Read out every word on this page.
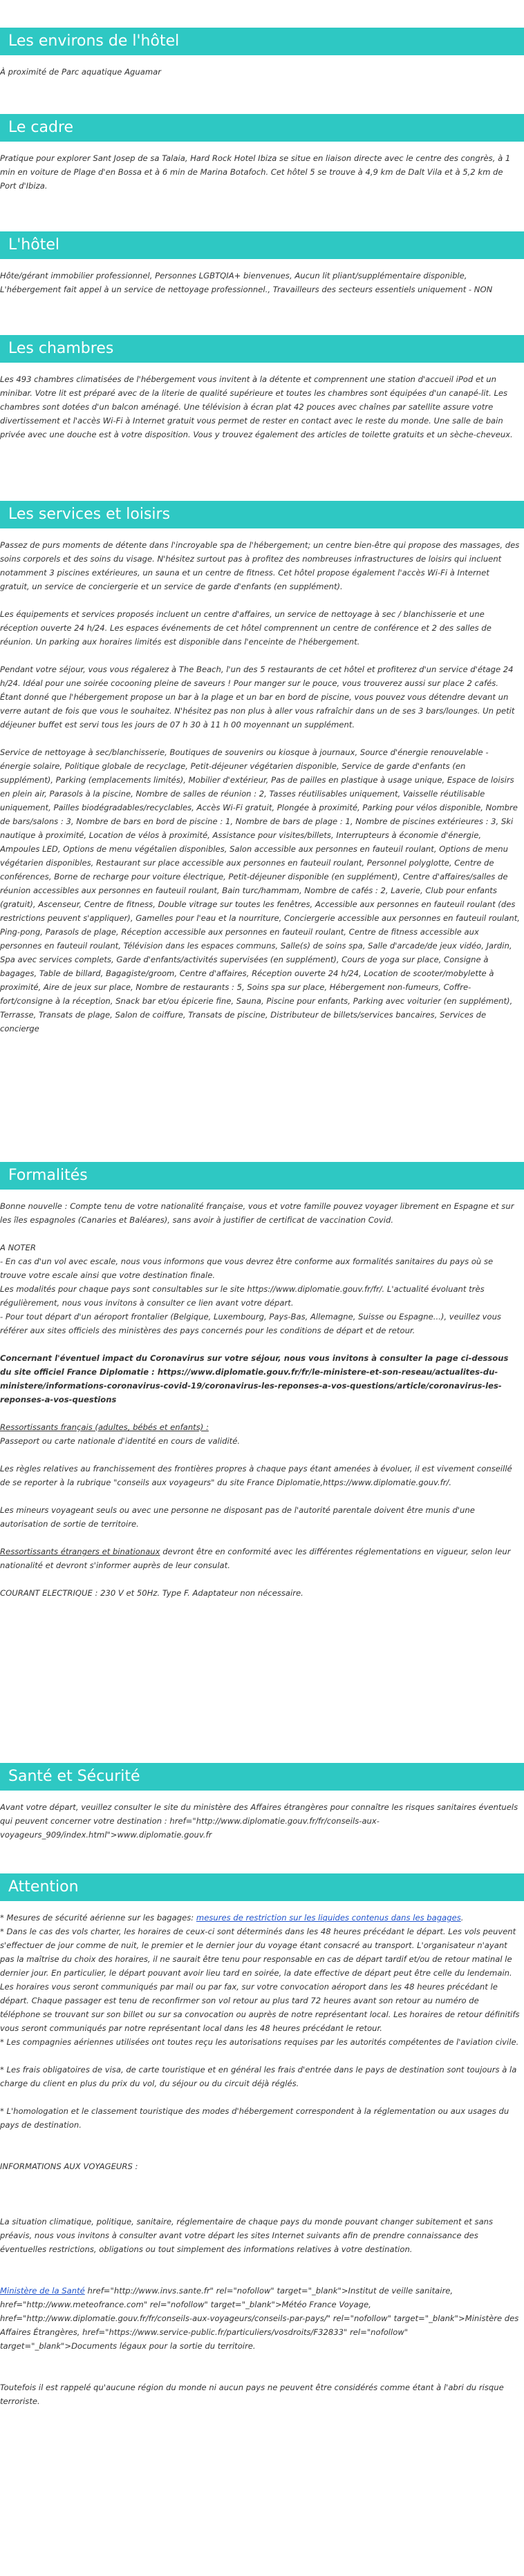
Les environs de l'hôtel

À proximité de Parc aquatique Aguamar

Le cadre

Pratique pour explorer Sant Josep de sa Talaia, Hard Rock Hotel Ibiza se situe en liaison directe avec le centre des congrès, à 1 min en voiture de Plage d'en Bossa et à 6 min de Marina Botafoch. Cet hôtel 5 se trouve à 4,9 km de Dalt Vila et à 5,2 km de Port d'Ibiza.

L'hôtel

Hôte/gérant immobilier professionnel, Personnes LGBTQIA+ bienvenues, Aucun lit pliant/supplémentaire disponible, L'hébergement fait appel à un service de nettoyage professionnel., Travailleurs des secteurs essentiels uniquement - NON

Les chambres

Les 493 chambres climatisées de l'hébergement vous invitent à la détente et comprennent une station d'accueil iPod et un minibar. Votre lit est préparé avec de la literie de qualité supérieure et toutes les chambres sont équipées d'un canapé-lit. Les chambres sont dotées d'un balcon aménagé. Une télévision à écran plat 42 pouces avec chaînes par satellite assure votre divertissement et l'accès Wi-Fi à Internet gratuit vous permet de rester en contact avec le reste du monde. Une salle de bain privée avec une douche est à votre disposition. Vous y trouvez également des articles de toilette gratuits et un sèche-cheveux.

Les services et loisirs

Passez de purs moments de détente dans l'incroyable spa de l'hébergement; un centre bien-être qui propose des massages, des soins corporels et des soins du visage. N'hésitez surtout pas à profitez des nombreuses infrastructures de loisirs qui incluent notamment 3 piscines extérieures, un sauna et un centre de fitness. Cet hôtel propose également l'accès Wi-Fi à Internet gratuit, un service de conciergerie et un service de garde d'enfants (en supplément).

Les équipements et services proposés incluent un centre d'affaires, un service de nettoyage à sec / blanchisserie et une réception ouverte 24 h/24. Les espaces événements de cet hôtel comprennent un centre de conférence et 2 des salles de réunion. Un parking aux horaires limités est disponible dans l'enceinte de l'hébergement.

Pendant votre séjour, vous vous régalerez à The Beach, l'un des 5 restaurants de cet hôtel et profiterez d'un service d'étage 24 h/24. Idéal pour une soirée cocooning pleine de saveurs ! Pour manger sur le pouce, vous trouverez aussi sur place 2 cafés. Étant donné que l'hébergement propose un bar à la plage et un bar en bord de piscine, vous pouvez vous détendre devant un verre autant de fois que vous le souhaitez. N'hésitez pas non plus à aller vous rafraîchir dans un de ses 3 bars/lounges. Un petit déjeuner buffet est servi tous les jours de 07 h 30 à 11 h 00 moyennant un supplément.

Service de nettoyage à sec/blanchisserie, Boutiques de souvenirs ou kiosque à journaux, Source d'énergie renouvelable - énergie solaire, Politique globale de recyclage, Petit-déjeuner végétarien disponible, Service de garde d'enfants (en supplément), Parking (emplacements limités), Mobilier d'extérieur, Pas de pailles en plastique à usage unique, Espace de loisirs en plein air, Parasols à la piscine, Nombre de salles de réunion : 2, Tasses réutilisables uniquement, Vaisselle réutilisable uniquement, Pailles biodégradables/recyclables, Accès Wi-Fi gratuit, Plongée à proximité, Parking pour vélos disponible, Nombre de bars/salons : 3, Nombre de bars en bord de piscine : 1, Nombre de bars de plage : 1, Nombre de piscines extérieures : 3, Ski nautique à proximité, Location de vélos à proximité, Assistance pour visites/billets, Interrupteurs à économie d'énergie, Ampoules LED, Options de menu végétalien disponibles, Salon accessible aux personnes en fauteuil roulant, Options de menu végétarien disponibles, Restaurant sur place accessible aux personnes en fauteuil roulant, Personnel polyglotte, Centre de conférences, Borne de recharge pour voiture électrique, Petit-déjeuner disponible (en supplément), Centre d'affaires/salles de réunion accessibles aux personnes en fauteuil roulant, Bain turc/hammam, Nombre de cafés : 2, Laverie, Club pour enfants (gratuit), Ascenseur, Centre de fitness, Double vitrage sur toutes les fenêtres, Accessible aux personnes en fauteuil roulant (des restrictions peuvent s'appliquer), Gamelles pour l'eau et la nourriture, Conciergerie accessible aux personnes en fauteuil roulant, Ping-pong, Parasols de plage, Réception accessible aux personnes en fauteuil roulant, Centre de fitness accessible aux personnes en fauteuil roulant, Télévision dans les espaces communs, Salle(s) de soins spa, Salle d'arcade/de jeux vidéo, Jardin, Spa avec services complets, Garde d'enfants/activités supervisées (en supplément), Cours de yoga sur place, Consigne à bagages, Table de billard, Bagagiste/groom, Centre d'affaires, Réception ouverte 24 h/24, Location de scooter/mobylette à proximité, Aire de jeux sur place, Nombre de restaurants : 5, Soins spa sur place, Hébergement non-fumeurs, Coffre-fort/consigne à la réception, Snack bar et/ou épicerie fine, Sauna, Piscine pour enfants, Parking avec voiturier (en supplément), Terrasse, Transats de plage, Salon de coiffure, Transats de piscine, Distributeur de billets/services bancaires, Services de concierge

Formalités

Bonne nouvelle : Compte tenu de votre nationalité française, vous et votre famille pouvez voyager librement en Espagne et sur les îles espagnoles (Canaries et Baléares), sans avoir à justifier de certificat de vaccination Covid.

A NOTER

- En cas d'un vol avec escale, nous vous informons que vous devrez être conforme aux formalités sanitaires du pays où se trouve votre escale ainsi que votre destination finale.

Les modalités pour chaque pays sont consultables sur le site https://www.diplomatie.gouv.fr/fr/. L'actualité évoluant très régulièrement, nous vous invitons à consulter ce lien avant votre départ.

- Pour tout départ d'un aéroport frontalier (Belgique, Luxembourg, Pays-Bas, Allemagne, Suisse ou Espagne...), veuillez vous référer aux sites officiels des ministères des pays concernés pour les conditions de départ et de retour.

Concernant l'éventuel impact du Coronavirus sur votre séjour, nous vous invitons à consulter la page ci-dessous du site officiel France Diplomatie : https://www.diplomatie.gouv.fr/fr/le-ministere-et-son-reseau/actualites-du-ministere/informations-coronavirus-covid-19/coronavirus-les-reponses-a-vos-questions/article/coronavirus-les-reponses-a-vos-questions

Ressortissants français (adultes, bébés et enfants) :

Passeport ou carte nationale d'identité en cours de validité.

Les règles relatives au franchissement des frontières propres à chaque pays étant amenées à évoluer, il est vivement conseillé de se reporter à la rubrique "conseils aux voyageurs" du site France Diplomatie,https://www.diplomatie.gouv.fr/.

Les mineurs voyageant seuls ou avec une personne ne disposant pas de l'autorité parentale doivent être munis d'une autorisation de sortie de territoire.

Ressortissants étrangers et binationaux devront être en conformité avec les différentes réglementations en vigueur, selon leur nationalité et devront s'informer auprès de leur consulat.

COURANT ELECTRIQUE : 230 V et 50Hz. Type F. Adaptateur non nécessaire.

Santé et Sécurité

Avant votre départ, veuillez consulter le site du ministère des Affaires étrangères pour connaître les risques sanitaires éventuels qui peuvent concerner votre destination : href="http://www.diplomatie.gouv.fr/fr/conseils-aux-voyageurs_909/index.html">www.diplomatie.gouv.fr

Attention

* Mesures de sécurité aérienne sur les bagages: mesures de restriction sur les liquides contenus dans les bagages.

* Dans le cas des vols charter, les horaires de ceux-ci sont déterminés dans les 48 heures précédant le départ. Les vols peuvent s'effectuer de jour comme de nuit, le premier et le dernier jour du voyage étant consacré au transport. L'organisateur n'ayant pas la maîtrise du choix des horaires, il ne saurait être tenu pour responsable en cas de départ tardif et/ou de retour matinal le dernier jour. En particulier, le départ pouvant avoir lieu tard en soirée, la date effective de départ peut être celle du lendemain. Les horaires vous seront communiqués par mail ou par fax, sur votre convocation aéroport dans les 48 heures précédant le départ. Chaque passager est tenu de reconfirmer son vol retour au plus tard 72 heures avant son retour au numéro de téléphone se trouvant sur son billet ou sur sa convocation ou auprès de notre représentant local. Les horaires de retour définitifs vous seront communiqués par notre représentant local dans les 48 heures précédant le retour.

* Les compagnies aériennes utilisées ont toutes reçu les autorisations requises par les autorités compétentes de l'aviation civile.

* Les frais obligatoires de visa, de carte touristique et en général les frais d'entrée dans le pays de destination sont toujours à la charge du client en plus du prix du vol, du séjour ou du circuit déjà réglés.

* L'homologation et le classement touristique des modes d'hébergement correspondent à la réglementation ou aux usages du pays de destination.

INFORMATIONS AUX VOYAGEURS :

La situation climatique, politique, sanitaire, réglementaire de chaque pays du monde pouvant changer subitement et sans préavis, nous vous invitons à consulter avant votre départ les sites Internet suivants afin de prendre connaissance des éventuelles restrictions, obligations ou tout simplement des informations relatives à votre destination.

Ministère de la Santé href="http://www.invs.sante.fr" rel="nofollow" target="_blank">Institut de veille sanitaire, href="http://www.meteofrance.com" rel="nofollow" target="_blank">Météo France Voyage, href="http://www.diplomatie.gouv.fr/fr/conseils-aux-voyageurs/conseils-par-pays/" rel="nofollow" target="_blank">Ministère des Affaires Étrangères, href="https://www.service-public.fr/particuliers/vosdroits/F32833" rel="nofollow" target="_blank">Documents légaux pour la sortie du territoire.

Toutefois il est rappelé qu'aucune région du monde ni aucun pays ne peuvent être considérés comme étant à l'abri du risque terroriste.
